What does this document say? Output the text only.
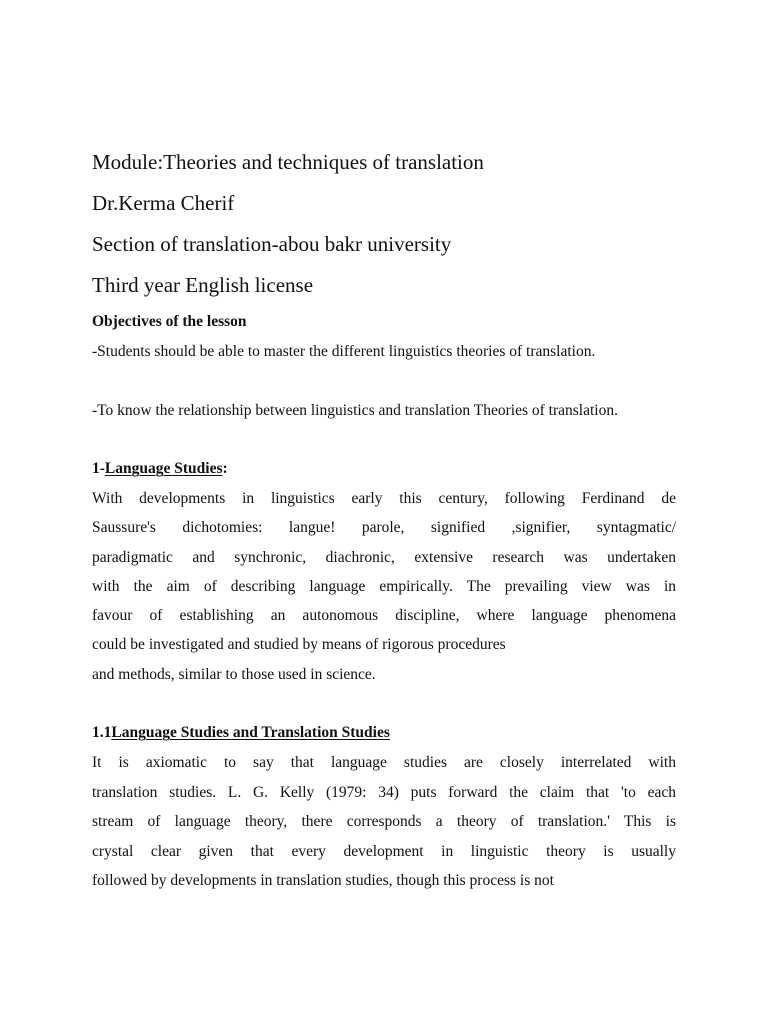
Module:Theories and techniques of translation
Dr.Kerma Cherif
Section of translation-abou bakr university
Third year English license
Objectives of the lesson

-Students should be able to master the different linguistics theories of translation.

-To know the relationship between linguistics and translation Theories of translation.

1-Language Studies:
With developments in linguistics early this century, following Ferdinand de
Saussure's dichotomies: langue! parole, signified ,signifier, syntagmatic/
paradigmatic and synchronic, diachronic, extensive research was undertaken
with the aim of describing language empirically. The prevailing view was in
favour of establishing an autonomous discipline, where language phenomena
could be investigated and studied by means of rigorous procedures
and methods, similar to those used in science.
1.1Language Studies and Translation Studies
It is axiomatic to say that language studies are closely interrelated with
translation studies. L. G. Kelly (1979: 34) puts forward the claim that 'to each
stream of language theory, there corresponds a theory of translation.' This is
crystal clear given that every development in linguistic theory is usually
followed by developments in translation studies, though this process is not
